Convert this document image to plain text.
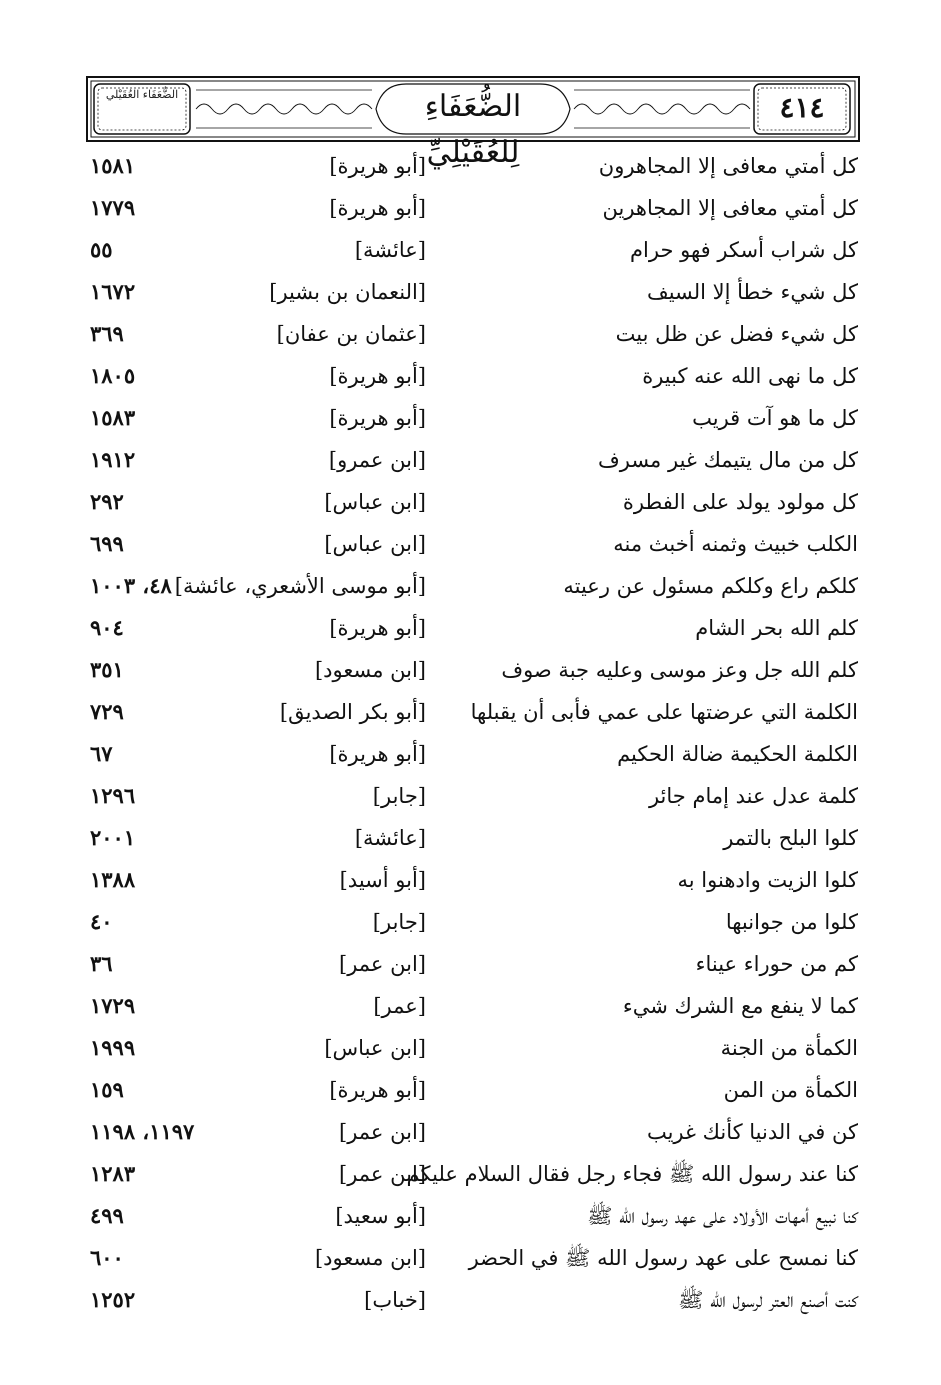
الضُّعَفَاء العُقَيْلي	الضُّعَفَاءِ لِلعُقَيْلِيِّ
٤١٤
كل أمتي معافى إلا المجاهرون
[أبو هريرة]
١٥٨١
كل أمتي معافى إلا المجاهرين
[أبو هريرة]
١٧٧٩
كل شراب أسكر فهو حرام
[عائشة]
٥٥
كل شيء خطأ إلا السيف
[النعمان بن بشير]
١٦٧٢
كل شيء فضل عن ظل بيت
[عثمان بن عفان]
٣٦٩
كل ما نهى الله عنه كبيرة
[أبو هريرة]
١٨٠٥
كل ما هو آت قريب
[أبو هريرة]
١٥٨٣
كل من مال يتيمك غير مسرف
[ابن عمرو]
١٩١٢
كل مولود يولد على الفطرة
[ابن عباس]
٢٩٢
الكلب خبيث وثمنه أخبث منه
[ابن عباس]
٦٩٩
كلكم راع وكلكم مسئول عن رعيته
[أبو موسى الأشعري، عائشة]
٤٨، ١٠٠٣
كلم الله بحر الشام
[أبو هريرة]
٩٠٤
كلم الله جل وعز موسى وعليه جبة صوف
[ابن مسعود]
٣٥١
الكلمة التي عرضتها على عمي فأبى أن يقبلها
[أبو بكر الصديق]
٧٢٩
الكلمة الحكيمة ضالة الحكيم
[أبو هريرة]
٦٧
كلمة عدل عند إمام جائر
[جابر]
١٢٩٦
كلوا البلح بالتمر
[عائشة]
٢٠٠١
كلوا الزيت وادهنوا به
[أبو أسيد]
١٣٨٨
كلوا من جوانبها
[جابر]
٤٠
كم من حوراء عيناء
[ابن عمر]
٣٦
كما لا ينفع مع الشرك شيء
[عمر]
١٧٢٩
الكمأة من الجنة
[ابن عباس]
١٩٩٩
الكمأة من المن
[أبو هريرة]
١٥٩
كن في الدنيا كأنك غريب
[ابن عمر]
١١٩٧، ١١٩٨
كنا عند رسول الله ﷺ فجاء رجل فقال السلام عليكم
[ابن عمر]
١٢٨٣
كنا نبيع أمهات الأولاد على عهد رسول الله ﷺ
[أبو سعيد]
٤٩٩
كنا نمسح على عهد رسول الله ﷺ في الحضر
[ابن مسعود]
٦٠٠
كنت أصنع العتر لرسول الله ﷺ
[خباب]
١٢٥٢
